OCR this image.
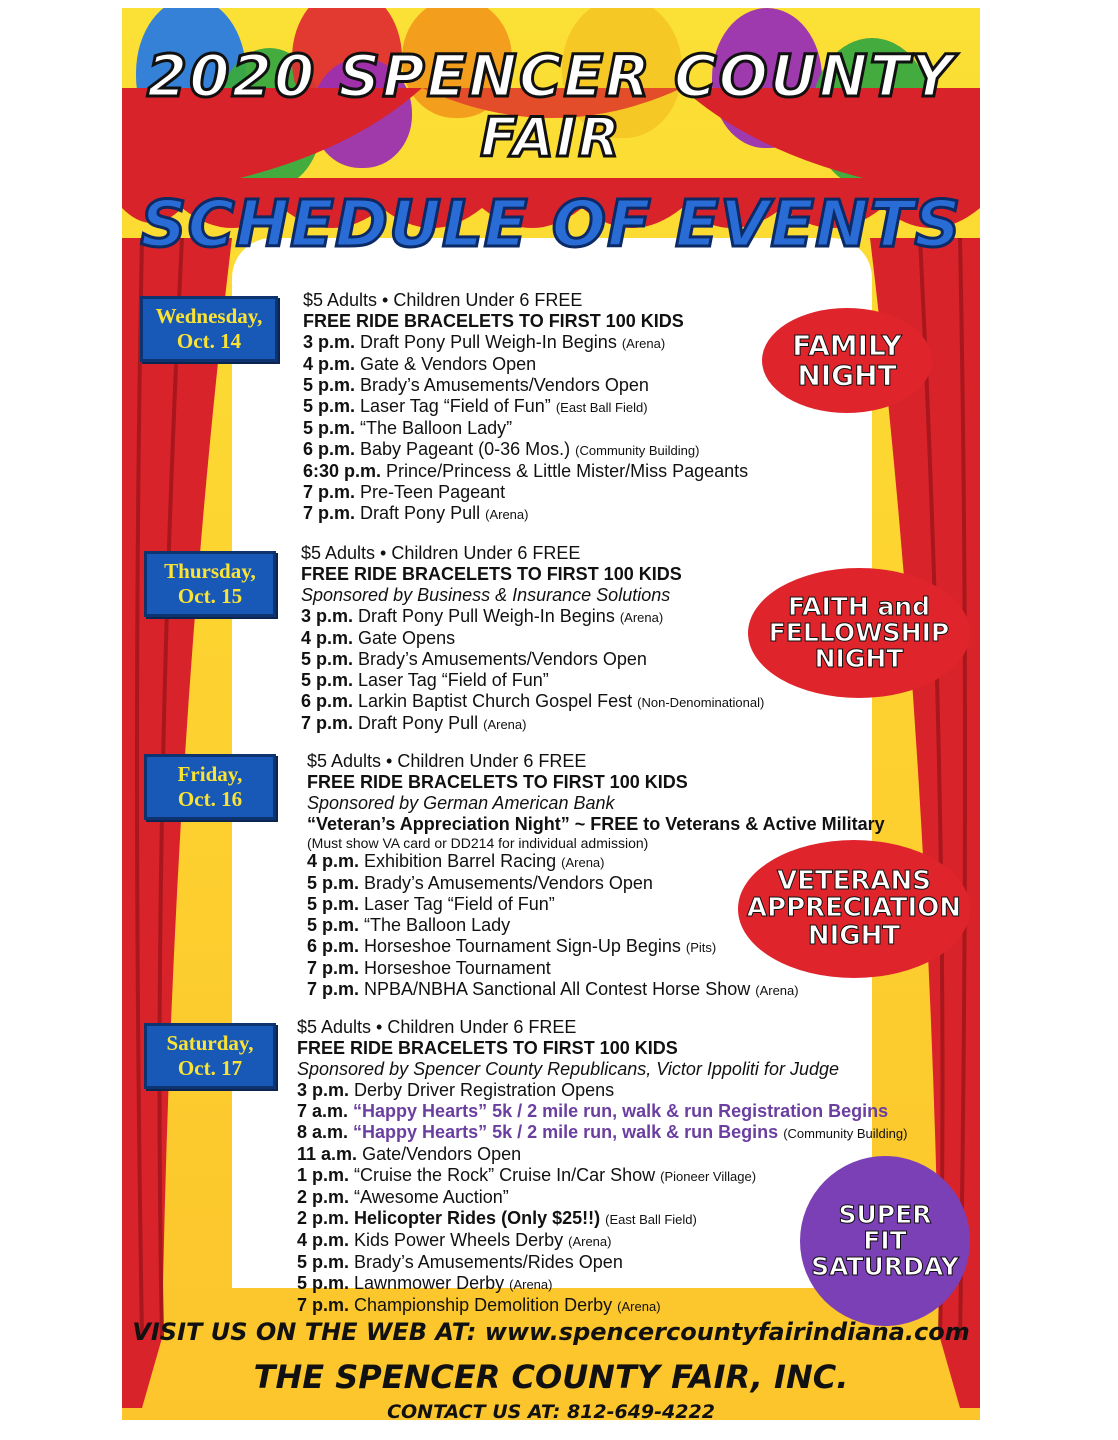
2020 SPENCER COUNTY
FAIR
SCHEDULE OF EVENTS
Wednesday,
Oct. 14
Thursday,
Oct. 15
Friday,
Oct. 16
Saturday,
Oct. 17
$5 Adults • Children Under 6 FREE
FREE RIDE BRACELETS TO FIRST 100 KIDS
3 p.m. Draft Pony Pull Weigh-In Begins (Arena)
4 p.m. Gate & Vendors Open
5 p.m. Brady’s Amusements/Vendors Open
5 p.m. Laser Tag “Field of Fun” (East Ball Field)
5 p.m. “The Balloon Lady”
6 p.m. Baby Pageant (0-36 Mos.) (Community Building)
6:30 p.m. Prince/Princess & Little Mister/Miss Pageants
7 p.m. Pre-Teen Pageant
7 p.m. Draft Pony Pull (Arena)
$5 Adults • Children Under 6 FREE
FREE RIDE BRACELETS TO FIRST 100 KIDS
Sponsored by Business & Insurance Solutions
3 p.m. Draft Pony Pull Weigh-In Begins (Arena)
4 p.m. Gate Opens
5 p.m. Brady’s Amusements/Vendors Open
5 p.m. Laser Tag “Field of Fun”
6 p.m. Larkin Baptist Church Gospel Fest (Non-Denominational)
7 p.m. Draft Pony Pull (Arena)
$5 Adults • Children Under 6 FREE
FREE RIDE BRACELETS TO FIRST 100 KIDS
Sponsored by German American Bank
“Veteran’s Appreciation Night” ~ FREE to Veterans & Active Military
(Must show VA card or DD214 for individual admission)
4 p.m. Exhibition Barrel Racing (Arena)
5 p.m. Brady’s Amusements/Vendors Open
5 p.m. Laser Tag “Field of Fun”
5 p.m. “The Balloon Lady
6 p.m. Horseshoe Tournament Sign-Up Begins (Pits)
7 p.m. Horseshoe Tournament
7 p.m. NPBA/NBHA Sanctional All Contest Horse Show (Arena)
$5 Adults • Children Under 6 FREE
FREE RIDE BRACELETS TO FIRST 100 KIDS
Sponsored by Spencer County Republicans, Victor Ippoliti for Judge
3 p.m. Derby Driver Registration Opens
7 a.m. “Happy Hearts” 5k / 2 mile run, walk & run Registration Begins
8 a.m. “Happy Hearts” 5k / 2 mile run, walk & run Begins (Community Building)
11 a.m. Gate/Vendors Open
1 p.m. “Cruise the Rock” Cruise In/Car Show (Pioneer Village)
2 p.m. “Awesome Auction”
2 p.m. Helicopter Rides (Only $25!!) (East Ball Field)
4 p.m. Kids Power Wheels Derby (Arena)
5 p.m. Brady’s Amusements/Rides Open
5 p.m. Lawnmower Derby (Arena)
7 p.m. Championship Demolition Derby (Arena)
FAMILY
NIGHT
FAITH and
FELLOWSHIP
NIGHT
VETERANS
APPRECIATION
NIGHT
SUPER
FIT
SATURDAY
VISIT US ON THE WEB AT: www.spencercountyfairindiana.com
THE SPENCER COUNTY FAIR, INC.
CONTACT US AT: 812-649-4222
